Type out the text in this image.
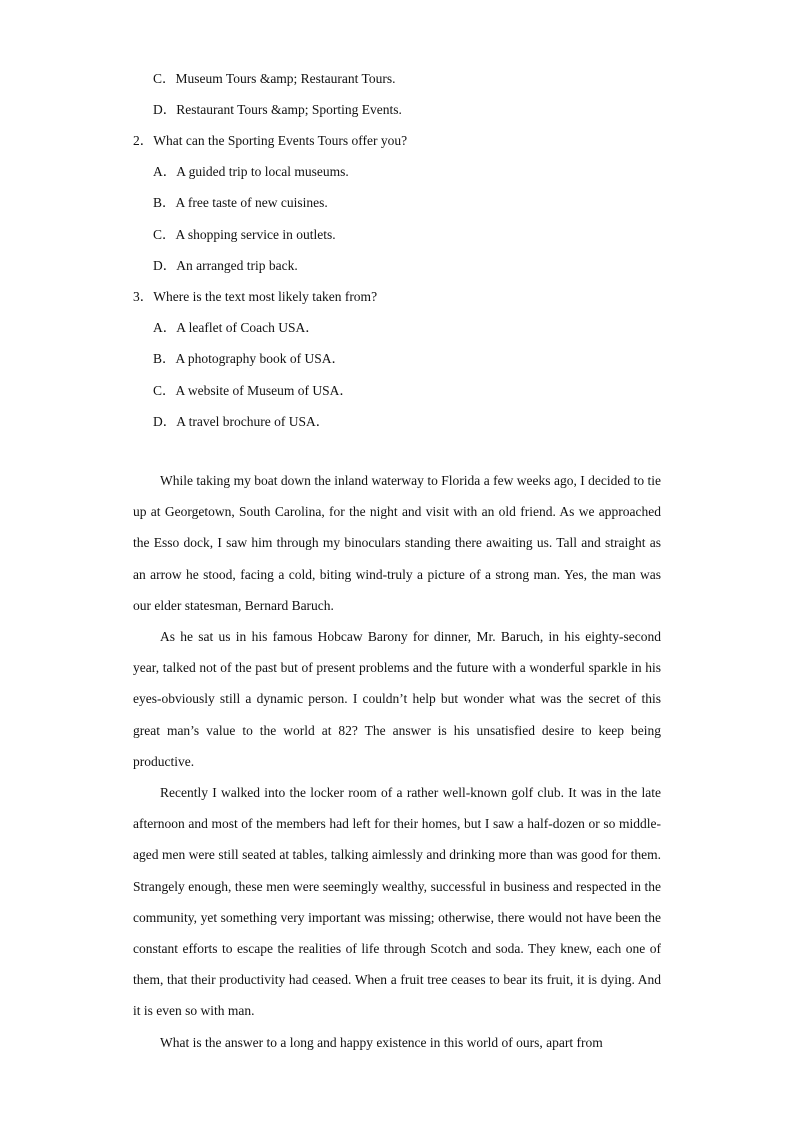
C．Museum Tours &amp; Restaurant Tours.
D．Restaurant Tours &amp; Sporting Events.
2．What can the Sporting Events Tours offer you?
A．A guided trip to local museums.
B．A free taste of new cuisines.
C．A shopping service in outlets.
D．An arranged trip back.
3．Where is the text most likely taken from?
A．A leaflet of Coach USA．
B．A photography book of USA．
C．A website of Museum of USA．
D．A travel brochure of USA．

While taking my boat down the inland waterway to Florida a few weeks ago, I decided to tie up at Georgetown, South Carolina, for the night and visit with an old friend. As we approached the Esso dock, I saw him through my binoculars standing there awaiting us. Tall and straight as an arrow he stood, facing a cold, biting wind-truly a picture of a strong man. Yes, the man was our elder statesman, Bernard Baruch.

As he sat us in his famous Hobcaw Barony for dinner, Mr. Baruch, in his eighty-second year, talked not of the past but of present problems and the future with a wonderful sparkle in his eyes-obviously still a dynamic person. I couldn’t help but wonder what was the secret of this great man’s value to the world at 82? The answer is his unsatisfied desire to keep being productive.

Recently I walked into the locker room of a rather well-known golf club. It was in the late afternoon and most of the members had left for their homes, but I saw a half-dozen or so middle-aged men were still seated at tables, talking aimlessly and drinking more than was good for them. Strangely enough, these men were seemingly wealthy, successful in business and respected in the community, yet something very important was missing; otherwise, there would not have been the constant efforts to escape the realities of life through Scotch and soda. They knew, each one of them, that their productivity had ceased. When a fruit tree ceases to bear its fruit, it is dying. And it is even so with man.

What is the answer to a long and happy existence in this world of ours, apart from
